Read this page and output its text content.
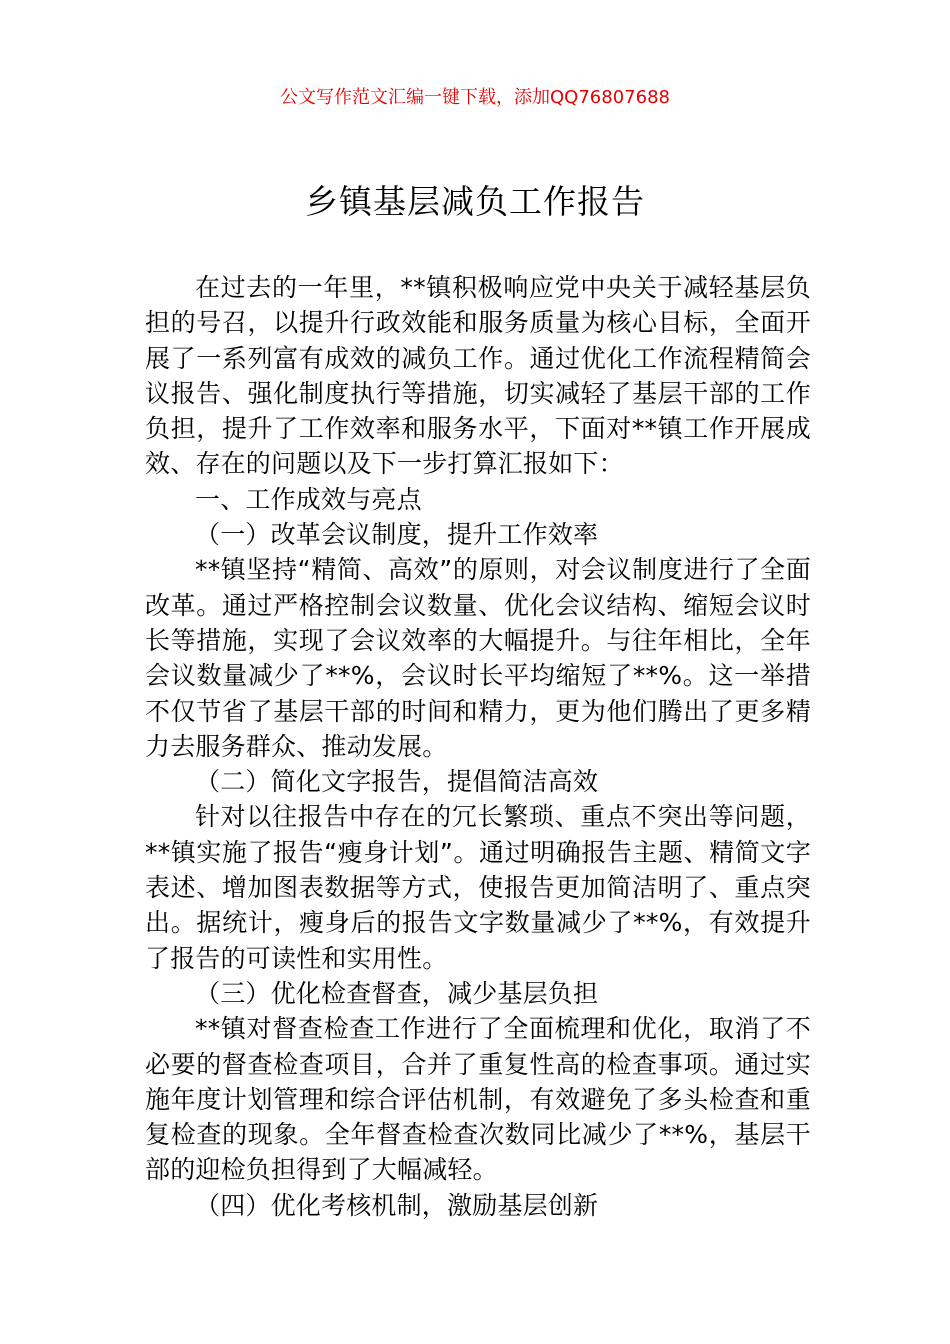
公文写作范文汇编一键下载，添加QQ76807688
乡镇基层减负工作报告

在过去的一年里，**镇积极响应党中央关于减轻基层负担的号召，以提升行政效能和服务质量为核心目标，全面开展了一系列富有成效的减负工作。通过优化工作流程精简会议报告、强化制度执行等措施，切实减轻了基层干部的工作负担，提升了工作效率和服务水平，下面对**镇工作开展成效、存在的问题以及下一步打算汇报如下：

一、工作成效与亮点

（一）改革会议制度，提升工作效率

**镇坚持“精简、高效”的原则，对会议制度进行了全面改革。通过严格控制会议数量、优化会议结构、缩短会议时长等措施，实现了会议效率的大幅提升。与往年相比，全年会议数量减少了**%，会议时长平均缩短了**%。这一举措不仅节省了基层干部的时间和精力，更为他们腾出了更多精力去服务群众、推动发展。

（二）简化文字报告，提倡简洁高效

针对以往报告中存在的冗长繁琐、重点不突出等问题，**镇实施了报告“瘦身计划”。通过明确报告主题、精简文字表述、增加图表数据等方式，使报告更加简洁明了、重点突出。据统计，瘦身后的报告文字数量减少了**%，有效提升了报告的可读性和实用性。

（三）优化检查督查，减少基层负担

**镇对督查检查工作进行了全面梳理和优化，取消了不必要的督查检查项目，合并了重复性高的检查事项。通过实施年度计划管理和综合评估机制，有效避免了多头检查和重复检查的现象。全年督查检查次数同比减少了**%，基层干部的迎检负担得到了大幅减轻。

（四）优化考核机制，激励基层创新
